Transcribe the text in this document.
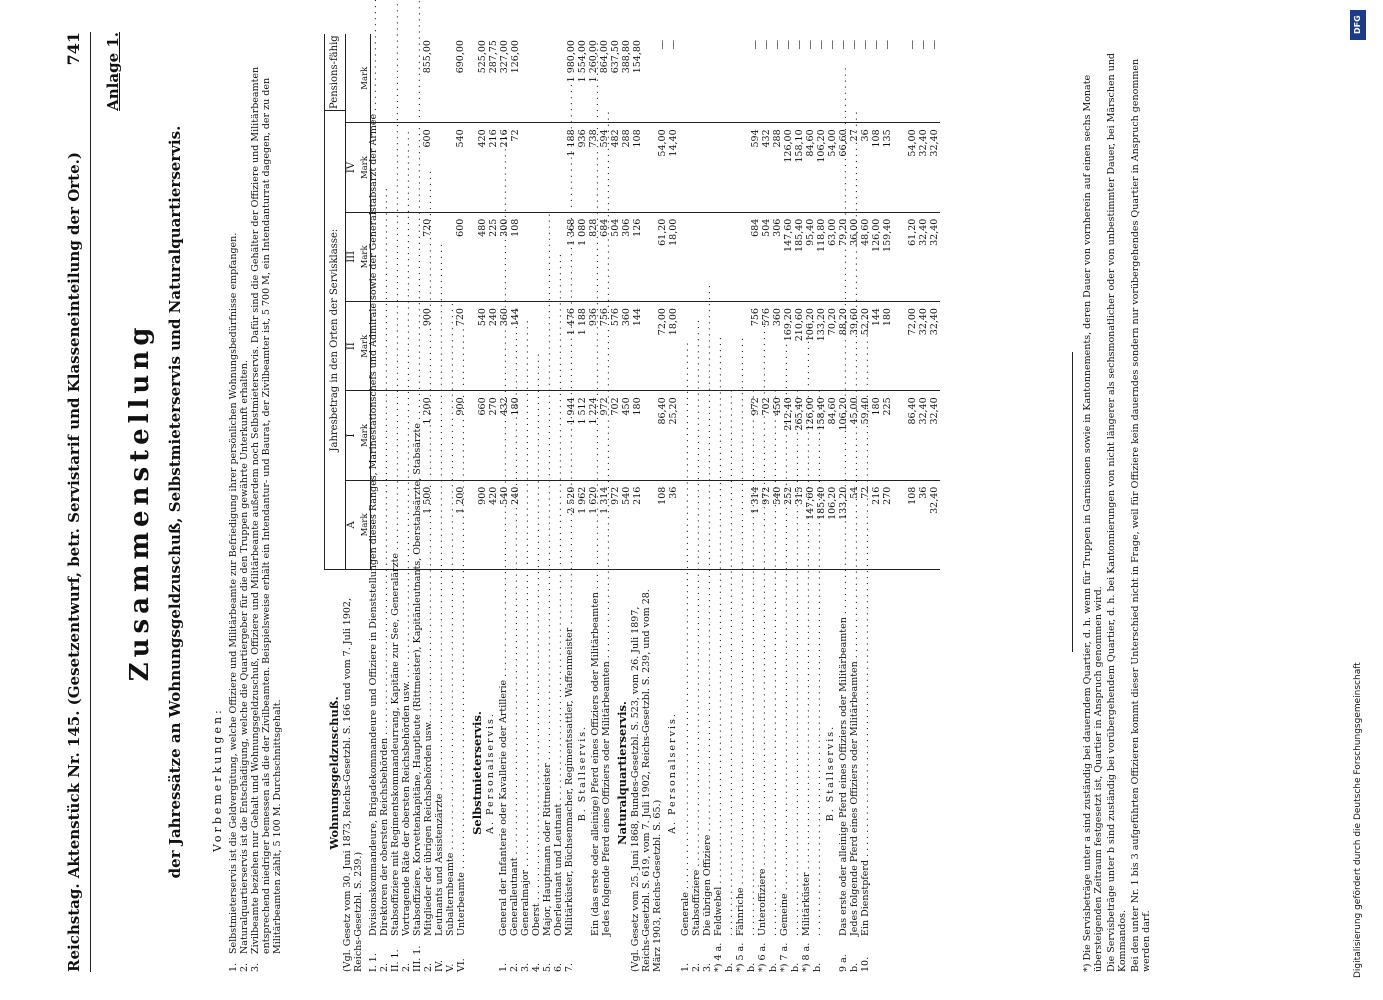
Reichstag. Aktenstück Nr. 145. (Gesetzentwurf, betr. Servistarif und Klasseneinteilung der Orte.)
741 Anlage 1.
Zusammenstellung der Jahressätze an Wohnungsgeldzuschuß, Selbstmieterservis und Naturalquartierservis. Vorbemerkungen:
1.
Selbstmieterservis ist die Geldvergütung, welche Offiziere und Militärbeamte zur Befriedigung ihrer persönlichen Wohnungsbedürfnisse empfangen.
2.
Naturalquartierservis ist die Entschädigung, welche die Quartiergeber für die den Truppen gewährte Unterkunft erhalten.
3.
Zivilbeamte beziehen nur Gehalt und Wohnungsgeldzuschuß, Offiziere und Militärbeamte außerdem noch Selbstmieterservis. Dafür sind die Gehälter der Offiziere und Militärbeamten entsprechend niedriger bemessen als die der Zivilbeamten. Beispielsweise erhält ein Intendantur- und Baurat, der Zivilbeamter ist, 5 700 M, ein Intendanturrat dagegen, der zu den Militärbeamten zählt, 5 100 M. Durchschnittsgehalt.	Wohnungsgeldzuschuß. (Vgl. Gesetz vom 30. Juni 1873, Reichs-Gesetzbl. S. 166 und vom 7. Juli 1902, Reichs-Gesetzbl. S. 239.) I. 1.
Divisionskommandeure, Brigadekommandeure und Offiziere in Dienststellungen dieses Ranges, Marinestationschefs und Admirale sowie der Generalstabsarzt der Armee . . .
2.
Direktoren der obersten Reichsbehörden . . .
II. 1.
Stabsoffiziere mit Regimentskommandeurrang, Kapitäne zur See, Generalärzte . . .
2.
Vortragende Räte der obersten Reichsbehörden usw. . . .
III. 1.
Stabsoffiziere, Korvettenkapitäne, Hauptleute (Rittmeister), Kapitänleutnants, Oberstabsärzte, Stabsärzte . . .
2.
Mitglieder der übrigen Reichsbehörden usw. . . .
IV.
Leutnants und Assistenzärzte . . .
V.
Subalternbeamte . . .
VI.
Unterbeamte . . .
Selbstmieterservis. A. Personalservis.
1.
General der Infanterie oder Kavallerie oder Artillerie . . .
2.
Generalleutnant . . .
3.
Generalmajor . . .
4.
Oberst . . .
5.
Major, Hauptmann oder Rittmeister . . .
6.
Oberleutnant und Leutnant . . .
7.
Militärküster, Büchsenmacher, Regimentssattler, Waffenmeister . . . B. Stallservis. Ein (das erste oder alleinige) Pferd eines Offiziers oder Militärbeamten . . . Jedes folgende Pferd eines Offiziers oder Militärbeamten . . . Naturalquartierservis. (Vgl. Gesetz vom 25. Juni 1868, Bundes-Gesetzbl. S. 523, vom 26. Juli 1897, Reichs-Gesetzbl. S. 619, vom 7. Juli 1902, Reichs-Gesetzbl. S. 239, und vom 28. März 1903, Reichs-Gesetzbl. S. 65.)
A. Personalservis.
1.
Generale . . .
2.
Stabsoffiziere . . .
3.
Die übrigen Offiziere . . .
*) 4 a.
Feldwebel . . .
b.
. . . *) 5 a.
Fähnriche . . .
b.
. . . *) 6 a.
Unteroffiziere . . .
b.
. . . *) 7 a.
Gemeine . . .
b.
. . . *) 8 a.
Militärküster . . .
b.
. . .
B. Stallservis.
9 a.
Das erste oder alleinige Pferd eines Offiziers oder Militärbeamten . . .
b.
Jedes folgende Pferd eines Offiziers oder Militärbeamten . . .
10.
Ein Dienstpferd . . .
Jahresbetrag in den Orten der Servisklasse:
Pensions-fähig
A
I
II
III
IV
Mark
Mark
Mark
Mark
Mark
Mark
1 500
1 200
900
720
600
855,00
1 200
900
720
600
540
690,00
900
660
540
480
420
525,00
420
270
240
225
216
287,75
540
432
360
300
216
327,00
240
180
144
108
72
126,00
2 520
1 944
1 476
1 368
1 188
1 980,00
1 962
1 512
1 188
1 080
936
1 554,00
1 620
1 224
936
828
738
1 260,00
1 314
972
756
684
594
864,00
972
702
576
504
482
637,50
540
450
360
306
288
388,80
216
180
144
126
108
154,80
108
86,40
72,00
61,20
54,00
—
36
25,20
18,00
18,00
14,40
—
1 314
972
756
684
594
—
972
702
576
504
432
—
540
450
360
306
288
—
252
212,40
169,20
147,60
126,00
—
315
265,40
210,60
185,40
158,10
—
147,60
126,00
106,20
95,40
84,60
—
185,40
158,40
133,20
118,80
106,20
—
106,20
84,60
70,20
63,00
54,00
—
133,20
106,20
88,20
79,20
66,60
—
54
45,00
39,60
36,00
27
—
72
59,40
52,20
48,60
36
—
216
180
144
126,00
108
—
270
225
180
159,40
135
—
108
86,40
72,00
61,20
54,00
—
36
32,40
32,40
32,40
32,40
—
32,40
32,40
32,40
32,40
32,40
—

*) Die Servisbeträge unter a sind zuständig bei dauerndem Quartier, d. h. wenn für Truppen in Garnisonen sowie in Kantonnements, deren Dauer von vornherein auf einen sechs Monate übersteigenden Zeitraum festgesetzt ist, Quartier in Anspruch genommen wird. Die Servisbeträge unter b sind zuständig bei vorübergehendem Quartier, d. h. bei Kantonnierungen von nicht längerer als sechsmonatlicher oder von unbestimmter Dauer, bei Märschen und Kommandos. Bei den unter Nr. 1 bis 3 aufgeführten Offizieren kommt dieser Unterschied nicht in Frage, weil für Offiziere kein dauerndes sondern nur vorübergehendes Quartier in Anspruch genommen werden darf.

DFG
Digitalisierung gefördert durch die Deutsche Forschungsgemeinschaft
